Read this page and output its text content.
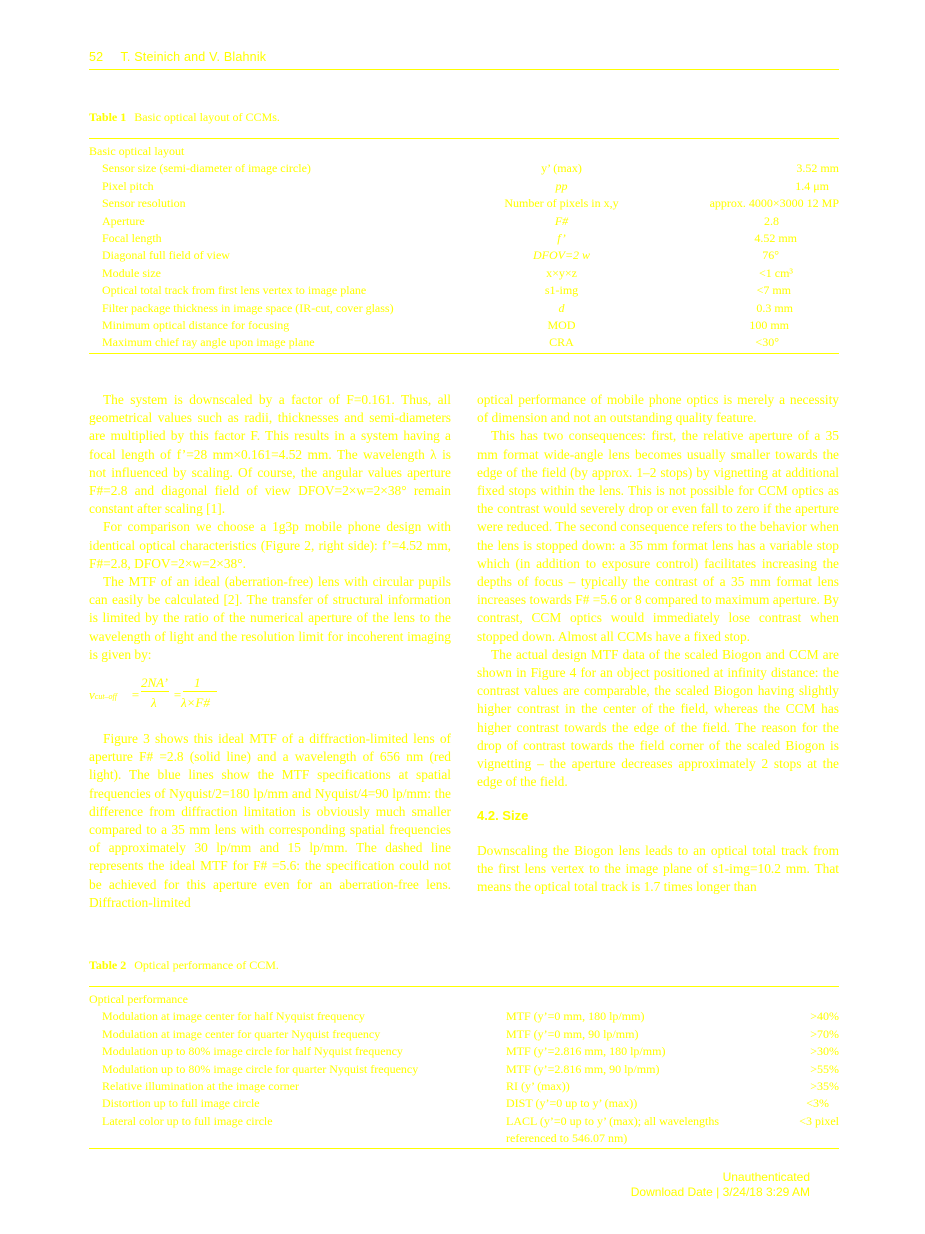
52 T. Steinich and V. Blahnik
Table 1 Basic optical layout of CCMs.
Basic optical layout		
Sensor size (semi-diameter of image circle)	y’ (max)	3.52 mm
Pixel pitch	pp	1.4 μm
Sensor resolution	Number of pixels in x,y	approx. 4000×3000 12 MP
Aperture	F#	2.8
Focal length	f’	4.52 mm
Diagonal full field of view	DFOV=2 w	76°
Module size	x×y×z	<1 cm³
Optical total track from first lens vertex to image plane	s1-img	<7 mm
Filter package thickness in image space (IR-cut, cover glass)	d	0.3 mm
Minimum optical distance for focusing	MOD	100 mm
Maximum chief ray angle upon image plane	CRA	<30°

The system is downscaled by a factor of F=0.161. Thus, all geometrical values such as radii, thicknesses and semi-diameters are multiplied by this factor F. This results in a system having a focal length of f’=28 mm×0.161=4.52 mm. The wavelength λ is not influenced by scaling. Of course, the angular values aperture F#=2.8 and diagonal field of view DFOV=2×w=2×38° remain constant after scaling [1].

For comparison we choose a 1g3p mobile phone design with identical optical characteristics (Figure 2, right side): f’=4.52 mm, F#=2.8, DFOV=2×w=2×38°.

The MTF of an ideal (aberration-free) lens with circular pupils can easily be calculated [2]. The transfer of structural information is limited by the ratio of the numerical aperture of the lens to the wavelength of light and the resolution limit for incoherent imaging is given by:

νcut–off =
2NA’
λ
=
1
λ×F#

Figure 3 shows this ideal MTF of a diffraction-limited lens of aperture F# =2.8 (solid line) and a wavelength of 656 nm (red light). The blue lines show the MTF specifications at spatial frequencies of Nyquist/2=180 lp/mm and Nyquist/4=90 lp/mm: the difference from diffraction limitation is obviously much smaller compared to a 35 mm lens with corresponding spatial frequencies of approximately 30 lp/mm and 15 lp/mm. The dashed line represents the ideal MTF for F# =5.6: the specification could not be achieved for this aperture even for an aberration-free lens. Diffraction-limited

optical performance of mobile phone optics is merely a necessity of dimension and not an outstanding quality feature.

This has two consequences: first, the relative aperture of a 35 mm format wide-angle lens becomes usually smaller towards the edge of the field (by approx. 1–2 stops) by vignetting at additional fixed stops within the lens. This is not possible for CCM optics as the contrast would severely drop or even fall to zero if the aperture were reduced. The second consequence refers to the behavior when the lens is stopped down: a 35 mm format lens has a variable stop which (in addition to exposure control) facilitates increasing the depths of focus – typically the contrast of a 35 mm format lens increases towards F# =5.6 or 8 compared to maximum aperture. By contrast, CCM optics would immediately lose contrast when stopped down. Almost all CCMs have a fixed stop.

The actual design MTF data of the scaled Biogon and CCM are shown in Figure 4 for an object positioned at infinity distance: the contrast values are comparable, the scaled Biogon having slightly higher contrast in the center of the field, whereas the CCM has higher contrast towards the edge of the field. The reason for the drop of contrast towards the field corner of the scaled Biogon is vignetting – the aperture decreases approximately 2 stops at the edge of the field.

4.2. Size

Downscaling the Biogon lens leads to an optical total track from the first lens vertex to the image plane of s1-img=10.2 mm. That means the optical total track is 1.7 times longer than

Table 2 Optical performance of CCM.
Optical performance		
Modulation at image center for half Nyquist frequency	MTF (y’=0 mm, 180 lp/mm)	>40%
Modulation at image center for quarter Nyquist frequency	MTF (y’=0 mm, 90 lp/mm)	>70%
Modulation up to 80% image circle for half Nyquist frequency	MTF (y’=2.816 mm, 180 lp/mm)	>30%
Modulation up to 80% image circle for quarter Nyquist frequency	MTF (y’=2.816 mm, 90 lp/mm)	>55%
Relative illumination at the image corner	RI (y’ (max))	>35%
Distortion up to full image circle	DIST (y’=0 up to y’ (max))	<3%
Lateral color up to full image circle	LACL (y’=0 up to y’ (max); all wavelengths	<3 pixel
	referenced to 546.07 nm)	
Unauthenticated
Download Date | 3/24/18 3:29 AM
